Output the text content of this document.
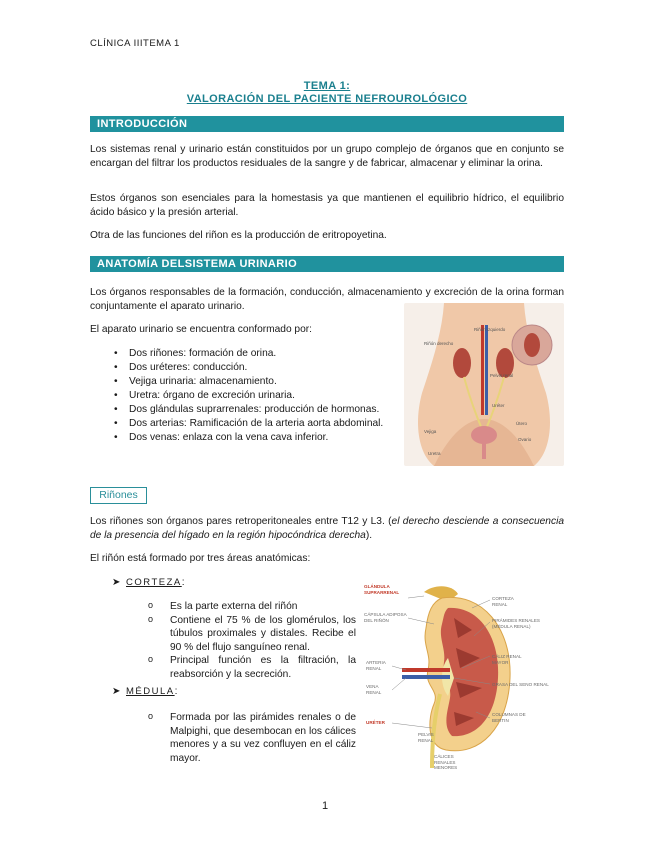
CLÍNICA IIITEMA 1
TEMA 1:
VALORACIÓN DEL PACIENTE NEFROUROLÓGICO
INTRODUCCIÓN
Los sistemas renal y urinario están constituidos por un grupo complejo de órganos que en conjunto se encargan del filtrar los productos residuales de la sangre y de fabricar, almacenar y eliminar la orina.
Estos órganos son esenciales para la homestasis ya que mantienen el equilibrio hídrico, el equilibrio ácido básico y la presión arterial.
Otra de las funciones del riñon es la producción de eritropoyetina.
ANATOMÍA DELSISTEMA URINARIO
Los órganos responsables de la formación, conducción, almacenamiento y excreción de la orina forman conjuntamente el aparato urinario.
El aparato urinario se encuentra conformado por:
• Dos riñones: formación de orina.
• Dos uréteres: conducción.
• Vejiga urinaria: almacenamiento.
• Uretra: órgano de excreción urinaria.
• Dos glándulas suprarrenales: producción de hormonas.
• Dos arterias: Ramificación de la arteria aorta abdominal.
• Dos venas: enlaza con la vena cava inferior.
Riñón izquierdo
Riñón derecho
Pelvis renal
Uréter
Vejiga
Útero
Uretra
Ovario
Riñones
Los riñones son órganos pares retroperitoneales entre T12 y L3. (el derecho desciende a consecuencia de la presencia del hígado en la región hipocóndrica derecha).
El riñón está formado por tres áreas anatómicas:
➤ CORTEZA:
o Es la parte externa del riñón
o Contiene el 75 % de los glomérulos, los túbulos proximales y distales. Recibe el 90 % del flujo sanguíneo renal.
o Principal función es la filtración, la reabsorción y la secreción.
➤ MÉDULA:
o Formada por las pirámides renales o de Malpighi, que desembocan en los cálices menores y a su vez confluyen en el cáliz mayor.
GLÁNDULA SUPRARRENAL
CÁPSULA ADIPOSA DEL RIÑÓN
ARTERIA RENAL
VENA RENAL
URÉTER
PELVIS RENAL
CÁLICES RENALES MENORES
CORTEZA RENAL
PIRÁMIDES RENALES (MÉDULA RENAL)
CÁLIZ RENAL MAYOR
GRASA DEL SENO RENAL
COLUMNAS DE BERTIN
1
